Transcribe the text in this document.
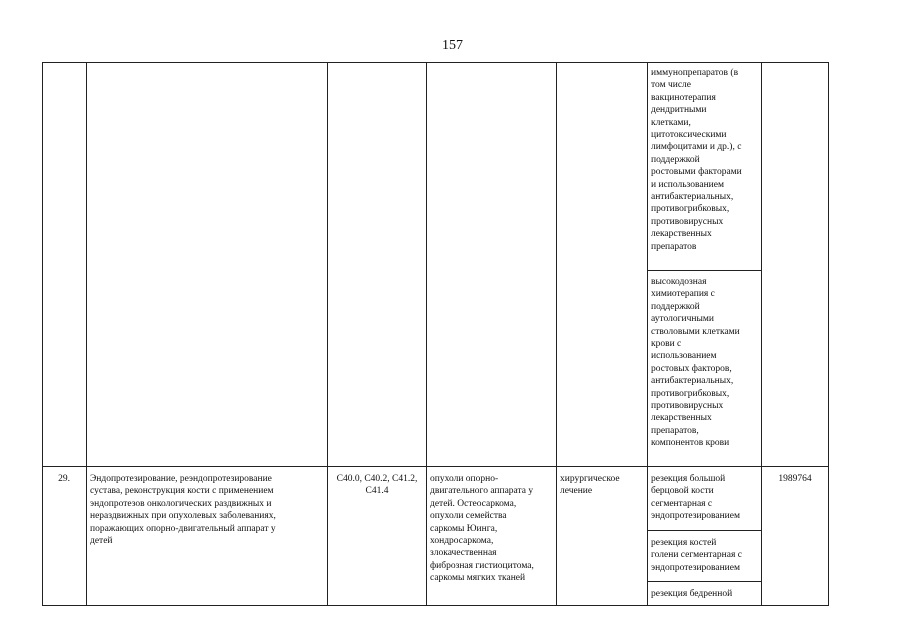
157

иммунопрепаратов (в

том числе

вакцинотерапия

дендритными

клетками,

цитотоксическими

лимфоцитами и др.), с

поддержкой

ростовыми факторами

и использованием

антибактериальных,

противогрибковых,

противовирусных

лекарственных

препаратов

высокодозная

химиотерапия с

поддержкой

аутологичными

стволовыми клетками

крови с

использованием

ростовых факторов,

антибактериальных,

противогрибковых,

противовирусных

лекарственных

препаратов,

компонентов крови

29.	Эндопротезирование, реэндопротезирование

сустава, реконструкция кости с применением

эндопротезов онкологических раздвижных и

нераздвижных при опухолевых заболеваниях,

поражающих опорно-двигательный аппарат у

детей

C40.0, C40.2, C41.2,

C41.4

опухоли опорно-

двигательного аппарата у

детей. Остеосаркома,

опухоли семейства

саркомы Юинга,

хондросаркома,

злокачественная

фиброзная гистиоцитома,

саркомы мягких тканей

хирургическое

лечение

резекция большой

берцовой кости

сегментарная с

эндопротезированием

резекция костей

голени сегментарная с

эндопротезированием

резекция бедренной

1989764
